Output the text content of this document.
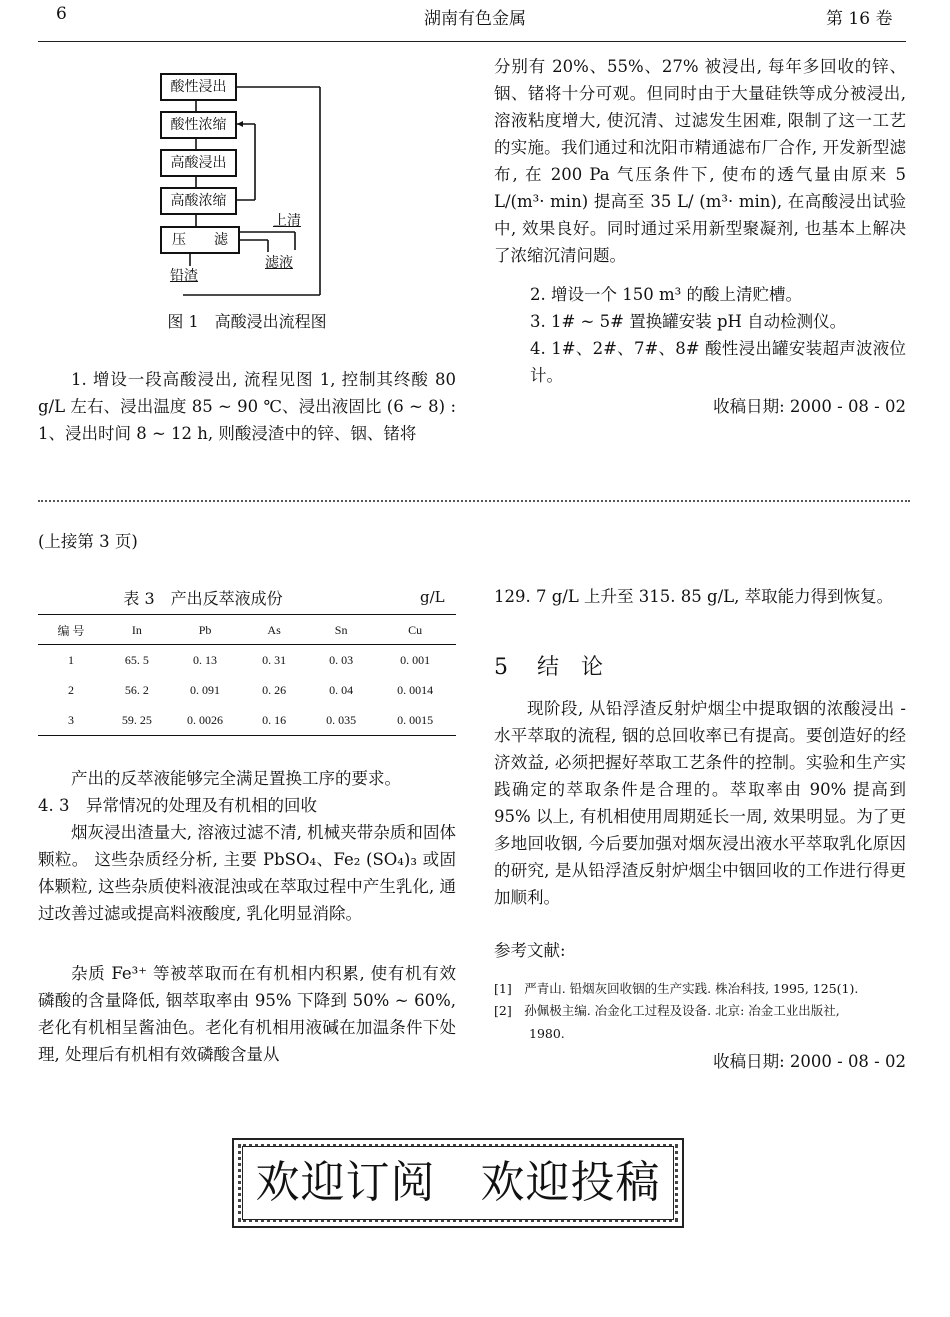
6	湖南有色金属	第 16 卷
酸性浸出
酸性浓缩
高酸浸出
高酸浓缩
压　　滤
上清
铅渣
滤液
图 1　高酸浸出流程图

1. 增设一段高酸浸出, 流程见图 1, 控制其终酸 80 g/L 左右、浸出温度 85 ~ 90 ℃、浸出液固比 (6 ~ 8) : 1、浸出时间 8 ~ 12 h, 则酸浸渣中的锌、铟、锗将

分别有 20%、55%、27% 被浸出, 每年多回收的锌、铟、锗将十分可观。但同时由于大量硅铁等成分被浸出, 溶液粘度增大, 使沉清、过滤发生困难, 限制了这一工艺的实施。我们通过和沈阳市精通滤布厂合作, 开发新型滤布, 在 200 Pa 气压条件下, 使布的透气量由原来 5 L/(m³· min) 提高至 35 L/ (m³· min), 在高酸浸出试验中, 效果良好。同时通过采用新型聚凝剂, 也基本上解决了浓缩沉清问题。

2. 增设一个 150 m³ 的酸上清贮槽。

3. 1# ~ 5# 置换罐安装 pH 自动检测仪。

4. 1#、2#、7#、8# 酸性浸出罐安装超声波液位计。

收稿日期: 2000 - 08 - 02
(上接第 3 页)
表 3　产出反萃液成份	g/L
编 号	In	Pb	As	Sn	Cu
1	65. 5	0. 13	0. 31	0. 03	0. 001
2	56. 2	0. 091	0. 26	0. 04	0. 0014
3	59. 25	0. 0026	0. 16	0. 035	0. 0015

产出的反萃液能够完全满足置换工序的要求。

4. 3　异常情况的处理及有机相的回收

烟灰浸出渣量大, 溶液过滤不清, 机械夹带杂质和固体颗粒。 这些杂质经分析, 主要 PbSO₄、Fe₂ (SO₄)₃ 或固体颗粒, 这些杂质使料液混浊或在萃取过程中产生乳化, 通过改善过滤或提高料液酸度, 乳化明显消除。

杂质 Fe³⁺ 等被萃取而在有机相内积累, 使有机有效磷酸的含量降低, 铟萃取率由 95% 下降到 50% ~ 60%, 老化有机相呈酱油色。老化有机相用液碱在加温条件下处理, 处理后有机相有效磷酸含量从

129. 7 g/L 上升至 315. 85 g/L, 萃取能力得到恢复。

5 结　论

现阶段, 从铅浮渣反射炉烟尘中提取铟的浓酸浸出 - 水平萃取的流程, 铟的总回收率已有提高。要创造好的经济效益, 必须把握好萃取工艺条件的控制。实验和生产实践确定的萃取条件是合理的。萃取率由 90% 提高到 95% 以上, 有机相使用周期延长一周, 效果明显。为了更多地回收铟, 今后要加强对烟灰浸出液水平萃取乳化原因的研究, 是从铅浮渣反射炉烟尘中铟回收的工作进行得更加顺利。

参考文献:

[1]　严青山. 铅烟灰回收铟的生产实践. 株冶科技, 1995, 125(1).

[2]　孙佩极主编. 冶金化工过程及设备. 北京: 冶金工业出版社,

1980.

收稿日期: 2000 - 08 - 02
欢迎订阅　欢迎投稿
